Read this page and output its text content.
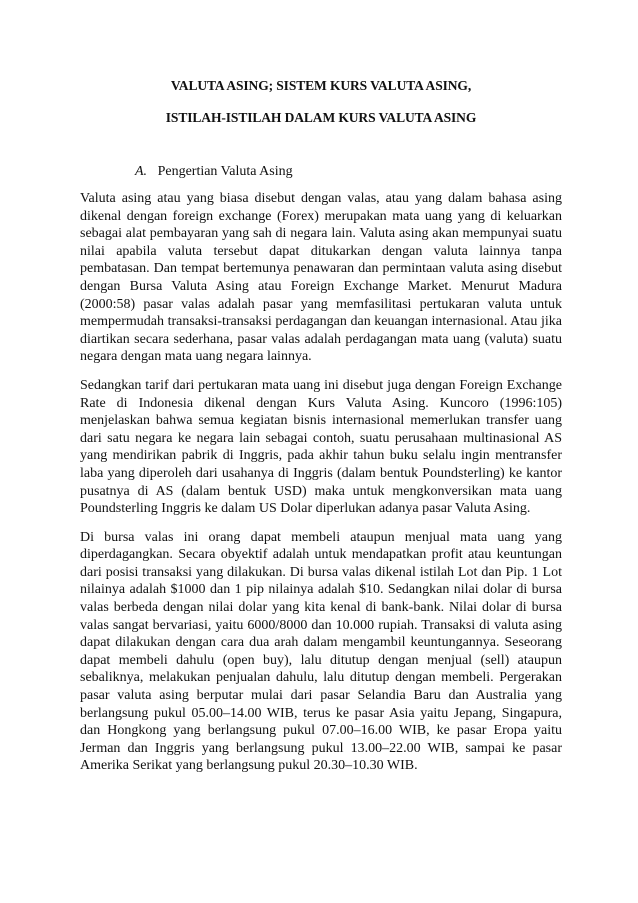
VALUTA ASING; SISTEM KURS VALUTA ASING,
ISTILAH-ISTILAH DALAM KURS VALUTA ASING
A. Pengertian Valuta Asing

Valuta asing atau yang biasa disebut dengan valas, atau yang dalam bahasa asing dikenal dengan foreign exchange (Forex) merupakan mata uang yang di keluarkan sebagai alat pembayaran yang sah di negara lain. Valuta asing akan mempunyai suatu nilai apabila valuta tersebut dapat ditukarkan dengan valuta lainnya tanpa pembatasan. Dan tempat bertemunya penawaran dan permintaan valuta asing disebut dengan Bursa Valuta Asing atau Foreign Exchange Market. Menurut Madura (2000:58) pasar valas adalah pasar yang memfasilitasi pertukaran valuta untuk mempermudah transaksi-transaksi perdagangan dan keuangan internasional. Atau jika diartikan secara sederhana, pasar valas adalah perdagangan mata uang (valuta) suatu negara dengan mata uang negara lainnya.

Sedangkan tarif dari pertukaran mata uang ini disebut juga dengan Foreign Exchange Rate di Indonesia dikenal dengan Kurs Valuta Asing. Kuncoro (1996:105) menjelaskan bahwa semua kegiatan bisnis internasional memerlukan transfer uang dari satu negara ke negara lain sebagai contoh, suatu perusahaan multinasional AS yang mendirikan pabrik di Inggris, pada akhir tahun buku selalu ingin mentransfer laba yang diperoleh dari usahanya di Inggris (dalam bentuk Poundsterling) ke kantor pusatnya di AS (dalam bentuk USD) maka untuk mengkonversikan mata uang Poundsterling Inggris ke dalam US Dolar diperlukan adanya pasar Valuta Asing.

Di bursa valas ini orang dapat membeli ataupun menjual mata uang yang diperdagangkan. Secara obyektif adalah untuk mendapatkan profit atau keuntungan dari posisi transaksi yang dilakukan. Di bursa valas dikenal istilah Lot dan Pip. 1 Lot nilainya adalah $1000 dan 1 pip nilainya adalah $10. Sedangkan nilai dolar di bursa valas berbeda dengan nilai dolar yang kita kenal di bank-bank. Nilai dolar di bursa valas sangat bervariasi, yaitu 6000/8000 dan 10.000 rupiah. Transaksi di valuta asing dapat dilakukan dengan cara dua arah dalam mengambil keuntungannya. Seseorang dapat membeli dahulu (open buy), lalu ditutup dengan menjual (sell) ataupun sebaliknya, melakukan penjualan dahulu, lalu ditutup dengan membeli. Pergerakan pasar valuta asing berputar mulai dari pasar Selandia Baru dan Australia yang berlangsung pukul 05.00–14.00 WIB, terus ke pasar Asia yaitu Jepang, Singapura, dan Hongkong yang berlangsung pukul 07.00–16.00 WIB, ke pasar Eropa yaitu Jerman dan Inggris yang berlangsung pukul 13.00–22.00 WIB, sampai ke pasar Amerika Serikat yang berlangsung pukul 20.30–10.30 WIB.
